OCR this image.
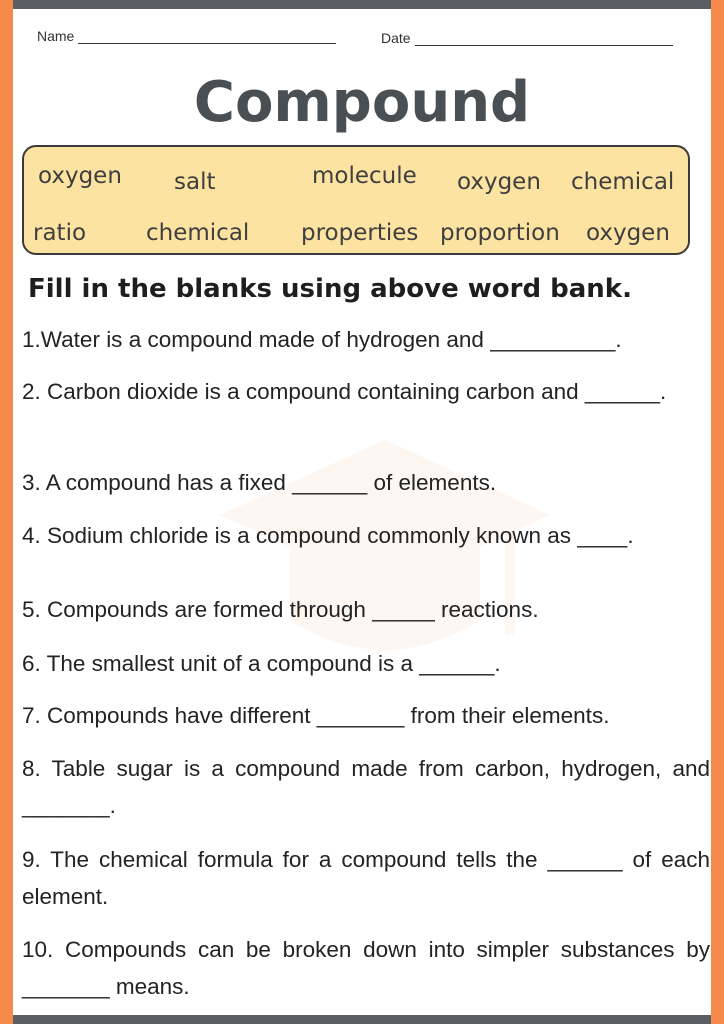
Name	Date
Compound
oxygen salt	molecule oxygen chemical
ratio	chemical properties proportion oxygen
Fill in the blanks using above word bank.
1.Water is a compound made of hydrogen and __________.
2. Carbon dioxide is a compound containing carbon and ______.
3. A compound has a fixed ______ of elements.
4. Sodium chloride is a compound commonly known as ____.
5. Compounds are formed through _____ reactions.
6. The smallest unit of a compound is a ______.
7. Compounds have different _______ from their elements.
8. Table sugar is a compound made from carbon, hydrogen, and _______.
9. The chemical formula for a compound tells the ______ of each element.
10. Compounds can be broken down into simpler substances by _______ means.
